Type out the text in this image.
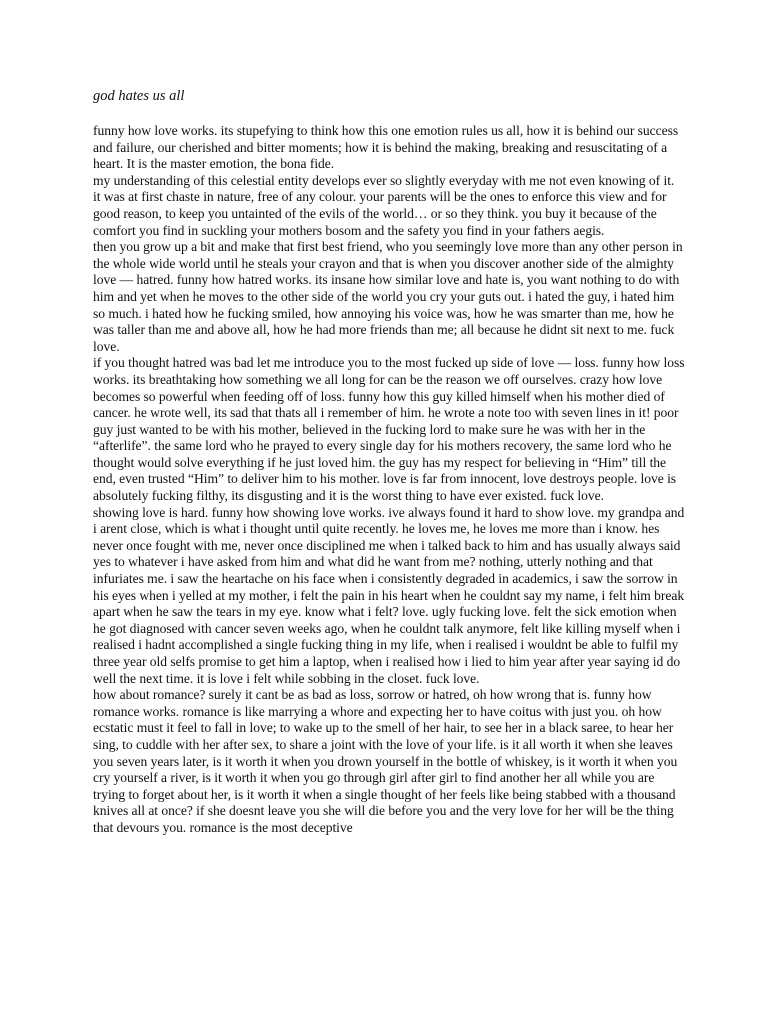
god hates us all

funny how love works. its stupefying to think how this one emotion rules us all, how it is behind our success and failure, our cherished and bitter moments; how it is behind the making, breaking and resuscitating of a heart. It is the master emotion, the bona fide.

my understanding of this celestial entity develops ever so slightly everyday with me not even knowing of it. it was at first chaste in nature, free of any colour. your parents will be the ones to enforce this view and for good reason, to keep you untainted of the evils of the world… or so they think. you buy it because of the comfort you find in suckling your mothers bosom and the safety you find in your fathers aegis.

then you grow up a bit and make that first best friend, who you seemingly love more than any other person in the whole wide world until he steals your crayon and that is when you discover another side of the almighty love — hatred. funny how hatred works. its insane how similar love and hate is, you want nothing to do with him and yet when he moves to the other side of the world you cry your guts out. i hated the guy, i hated him so much. i hated how he fucking smiled, how annoying his voice was, how he was smarter than me, how he was taller than me and above all, how he had more friends than me; all because he didnt sit next to me. fuck love.

if you thought hatred was bad let me introduce you to the most fucked up side of love — loss. funny how loss works. its breathtaking how something we all long for can be the reason we off ourselves. crazy how love becomes so powerful when feeding off of loss. funny how this guy killed himself when his mother died of cancer. he wrote well, its sad that thats all i remember of him. he wrote a note too with seven lines in it! poor guy just wanted to be with his mother, believed in the fucking lord to make sure he was with her in the “afterlife”. the same lord who he prayed to every single day for his mothers recovery, the same lord who he thought would solve everything if he just loved him. the guy has my respect for believing in “Him” till the end, even trusted “Him” to deliver him to his mother. love is far from innocent, love destroys people. love is absolutely fucking filthy, its disgusting and it is the worst thing to have ever existed. fuck love.

showing love is hard. funny how showing love works. ive always found it hard to show love. my grandpa and i arent close, which is what i thought until quite recently. he loves me, he loves me more than i know. hes never once fought with me, never once disciplined me when i talked back to him and has usually always said yes to whatever i have asked from him and what did he want from me? nothing, utterly nothing and that infuriates me. i saw the heartache on his face when i consistently degraded in academics, i saw the sorrow in his eyes when i yelled at my mother, i felt the pain in his heart when he couldnt say my name, i felt him break apart when he saw the tears in my eye. know what i felt? love. ugly fucking love. felt the sick emotion when he got diagnosed with cancer seven weeks ago, when he couldnt talk anymore, felt like killing myself when i realised i hadnt accomplished a single fucking thing in my life, when i realised i wouldnt be able to fulfil my three year old selfs promise to get him a laptop, when i realised how i lied to him year after year saying id do well the next time. it is love i felt while sobbing in the closet. fuck love.

how about romance? surely it cant be as bad as loss, sorrow or hatred, oh how wrong that is. funny how romance works. romance is like marrying a whore and expecting her to have coitus with just you. oh how ecstatic must it feel to fall in love; to wake up to the smell of her hair, to see her in a black saree, to hear her sing, to cuddle with her after sex, to share a joint with the love of your life. is it all worth it when she leaves you seven years later, is it worth it when you drown yourself in the bottle of whiskey, is it worth it when you cry yourself a river, is it worth it when you go through girl after girl to find another her all while you are trying to forget about her, is it worth it when a single thought of her feels like being stabbed with a thousand knives all at once? if she doesnt leave you she will die before you and the very love for her will be the thing that devours you. romance is the most deceptive
